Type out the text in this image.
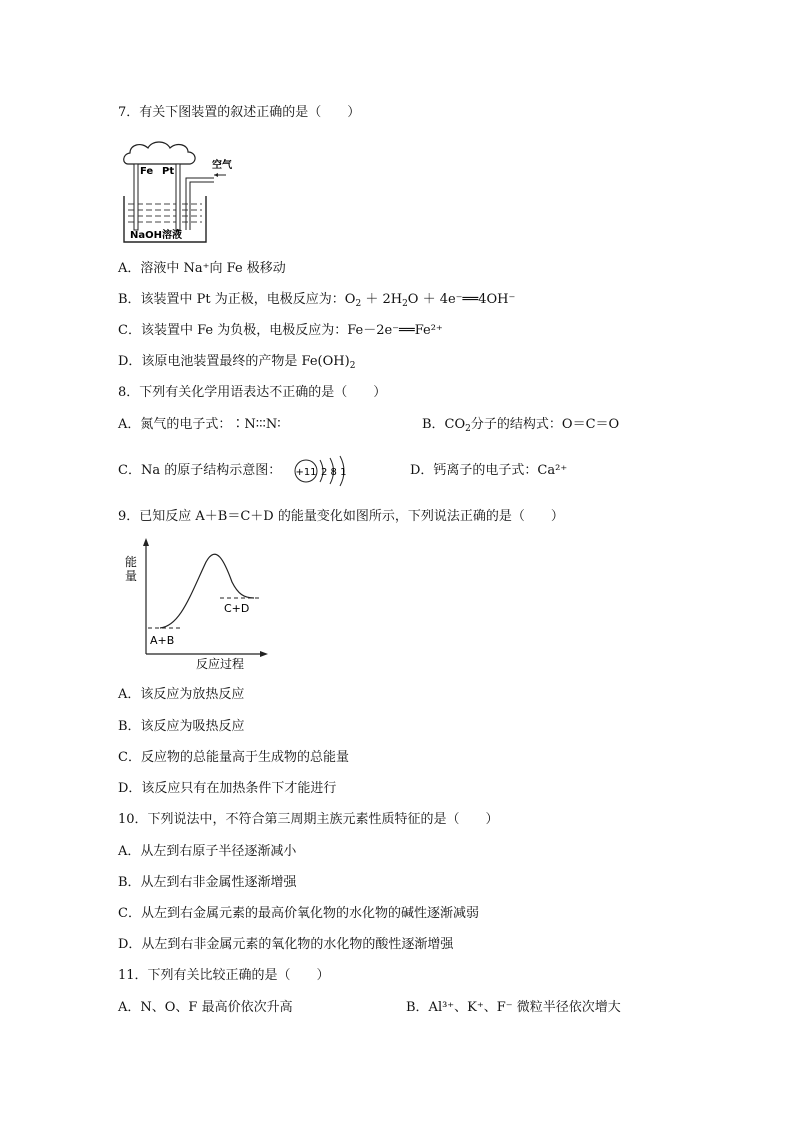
7．有关下图装置的叙述正确的是（　　）
Fe Pt
空气
NaOH溶液
A．溶液中 Na⁺向 Fe 极移动
B．该装置中 Pt 为正极，电极反应为：$O_2 + 2H_2O$ ＋ 4e⁻══4OH⁻
C．该装置中 Fe 为负极，电极反应为：Fe－2e⁻══Fe²⁺
D．该原电池装置最终的产物是 $Fe(OH)_2$
8．下列有关化学用语表达不正确的是（　　）
A．氮气的电子式：∶N∶∶∶N∶	B．$CO_2$分子的结构式：O＝C＝O
C．Na 的原子结构示意图： +11 2 8 1	D．钙离子的电子式：Ca²⁺
9．已知反应 A＋B＝C＋D 的能量变化如图所示，下列说法正确的是（　　）
能量
A+B
C+D
反应过程
A．该反应为放热反应
B．该反应为吸热反应
C．反应物的总能量高于生成物的总能量
D．该反应只有在加热条件下才能进行
10．下列说法中，不符合第三周期主族元素性质特征的是（　　）
A．从左到右原子半径逐渐减小
B．从左到右非金属性逐渐增强
C．从左到右金属元素的最高价氧化物的水化物的碱性逐渐减弱
D．从左到右非金属元素的氧化物的水化物的酸性逐渐增强
11．下列有关比较正确的是（　　）
A．N、O、F 最高价依次升高	B．Al³⁺、K⁺、F⁻ 微粒半径依次增大
